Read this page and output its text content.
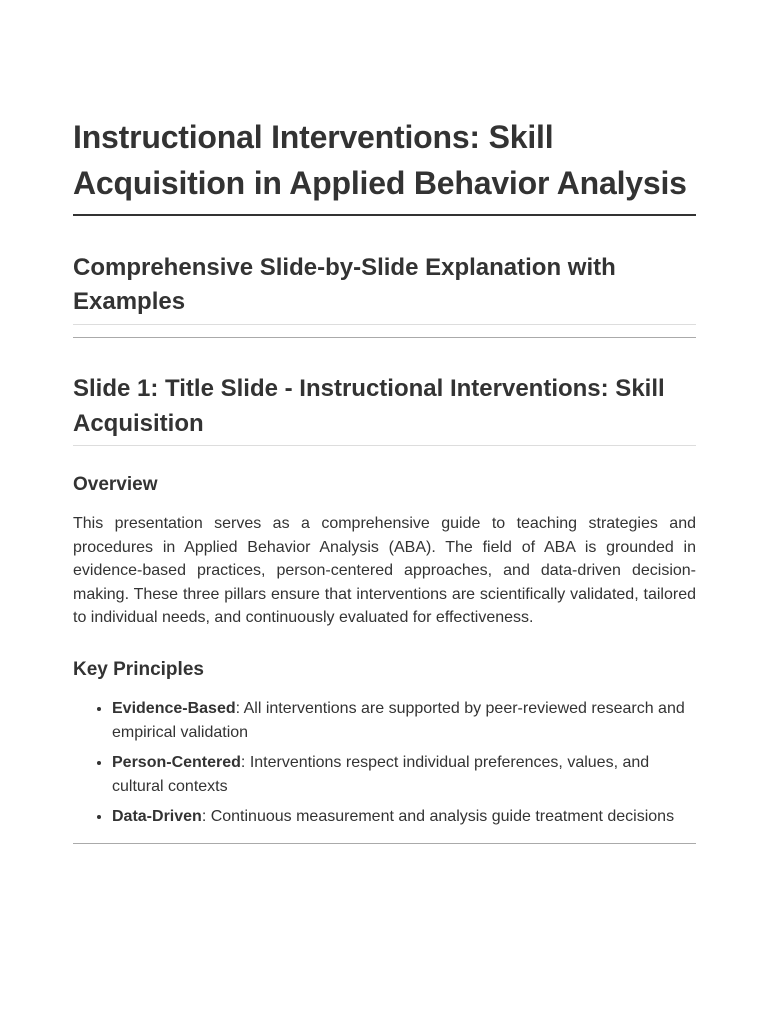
Instructional Interventions: Skill Acquisition in Applied Behavior Analysis
Comprehensive Slide-by-Slide Explanation with Examples
Slide 1: Title Slide - Instructional Interventions: Skill Acquisition
Overview

This presentation serves as a comprehensive guide to teaching strategies and procedures in Applied Behavior Analysis (ABA). The field of ABA is grounded in evidence-based practices, person-centered approaches, and data-driven decision-making. These three pillars ensure that interventions are scientifically validated, tailored to individual needs, and continuously evaluated for effectiveness.

Key Principles
• Evidence-Based: All interventions are supported by peer-reviewed research and empirical validation
• Person-Centered: Interventions respect individual preferences, values, and cultural contexts
• Data-Driven: Continuous measurement and analysis guide treatment decisions
